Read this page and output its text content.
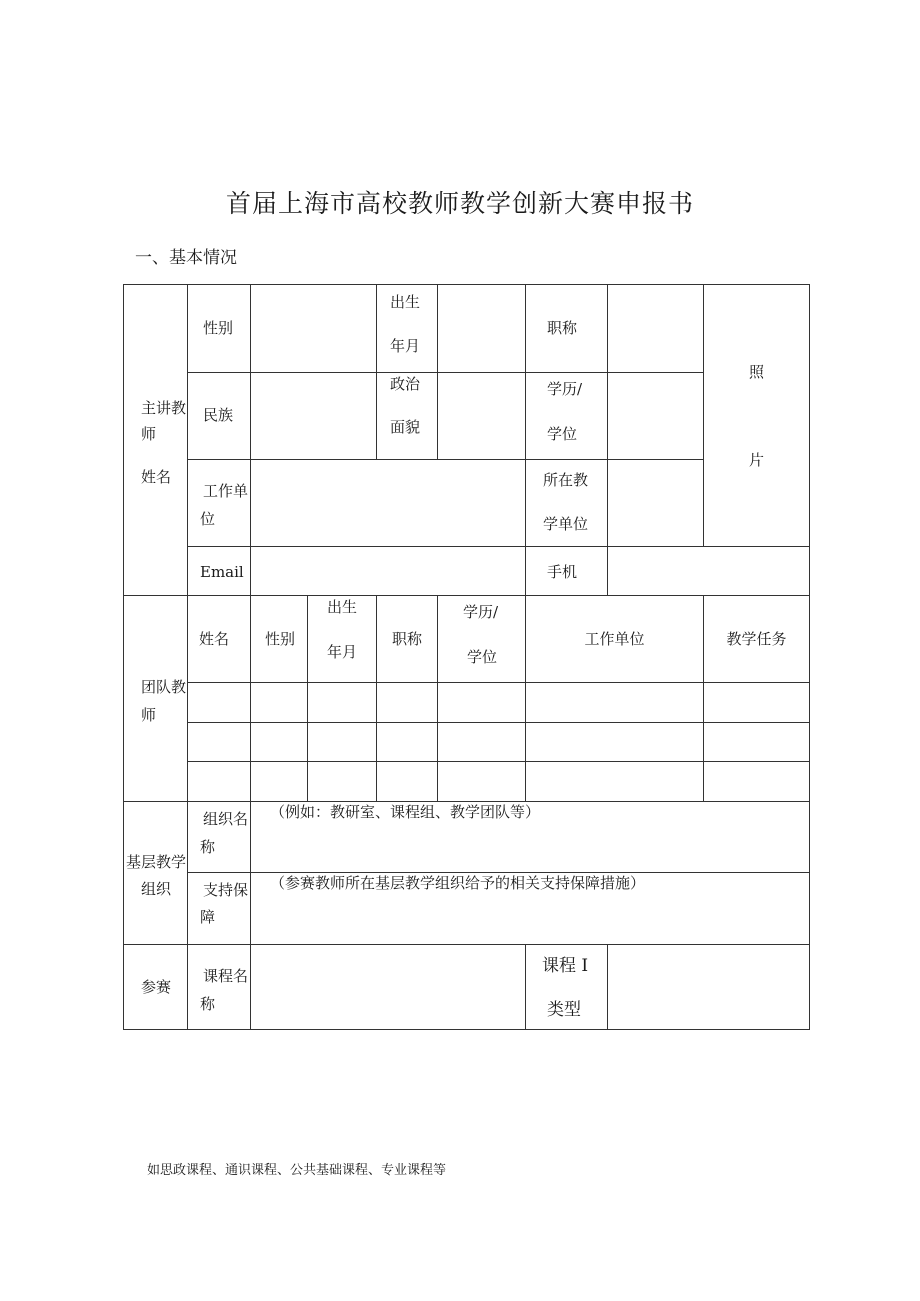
首届上海市高校教师教学创新大赛申报书
一、基本情况
主讲教
师
姓名
性别
出生
年月
职称
照
片
民族
政治
面貌
学历/
学位
工作单
位
所在教
学单位
Email	手机
团队教
师
姓名 性别
出生
年月
职称
学历/
学位
工作单位	教学任务
基层教学
组织
组织名
称
（例如：教研室、课程组、教学团队等）
支持保
障
（参赛教师所在基层教学组织给予的相关支持保障措施）
参赛
课程名
称
课程 I
类型
如思政课程、通识课程、公共基础课程、专业课程等
